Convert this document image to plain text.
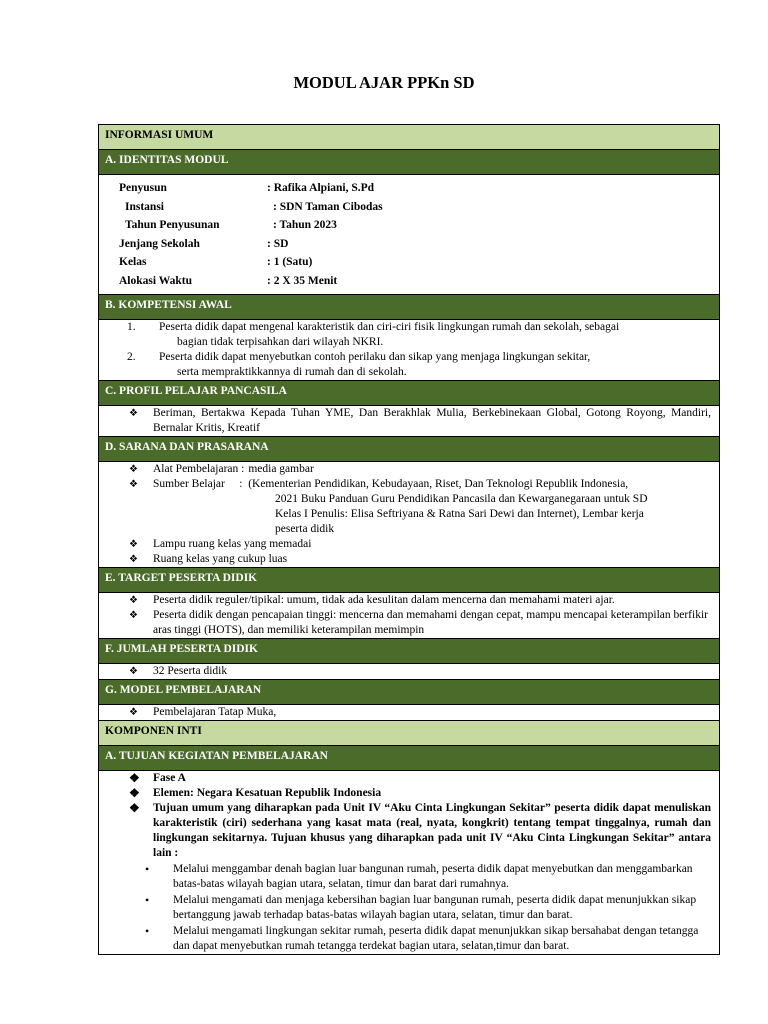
MODUL AJAR PPKn SD
INFORMASI UMUM
A. IDENTITAS MODUL

Penyusun	: Rafika Alpiani, S.Pd
Instansi	: SDN Taman Cibodas
Tahun Penyusunan	: Tahun 2023
Jenjang Sekolah	: SD
Kelas	: 1 (Satu)
Alokasi Waktu	: 2 X 35 Menit

B. KOMPETENSI AWAL

1.	Peserta didik dapat mengenal karakteristik dan ciri-ciri fisik lingkungan rumah dan sekolah, sebagai
bagian tidak terpisahkan dari wilayah NKRI.
2.	Peserta didik dapat menyebutkan contoh perilaku dan sikap yang menjaga lingkungan sekitar,
serta mempraktikkannya di rumah dan di sekolah.

C. PROFIL PELAJAR PANCASILA

❖	Beriman, Bertakwa Kepada Tuhan YME, Dan Berakhlak Mulia, Berkebinekaan Global, Gotong Royong, Mandiri, Bernalar Kritis, Kreatif

D. SARANA DAN PRASARANA

❖	Alat Pembelajaran : media gambar
❖	Sumber Belajar     : (Kementerian Pendidikan, Kebudayaan, Riset, Dan Teknologi Republik Indonesia,
2021 Buku Panduan Guru Pendidikan Pancasila dan Kewarganegaraan untuk SD
Kelas I Penulis: Elisa Seftriyana & Ratna Sari Dewi dan Internet), Lembar kerja
peserta didik
❖	Lampu ruang kelas yang memadai
❖	Ruang kelas yang cukup luas

E. TARGET PESERTA DIDIK

❖	Peserta didik reguler/tipikal: umum, tidak ada kesulitan dalam mencerna dan memahami materi ajar.
❖	Peserta didik dengan pencapaian tinggi: mencerna dan memahami dengan cepat, mampu mencapai keterampilan berfikir aras tinggi (HOTS), dan memiliki keterampilan memimpin

F. JUMLAH PESERTA DIDIK

❖	32 Peserta didik

G. MODEL PEMBELAJARAN

❖	Pembelajaran Tatap Muka,

KOMPONEN INTI
A. TUJUAN KEGIATAN PEMBELAJARAN

❖	Fase A
❖	Elemen: Negara Kesatuan Republik Indonesia
❖	Tujuan umum yang diharapkan pada Unit IV “Aku Cinta Lingkungan Sekitar” peserta didik dapat menuliskan karakteristik (ciri) sederhana yang kasat mata (real, nyata, kongkrit) tentang tempat tinggalnya, rumah dan lingkungan sekitarnya. Tujuan khusus yang diharapkan pada unit IV “Aku Cinta Lingkungan Sekitar” antara lain :
•	Melalui menggambar denah bagian luar bangunan rumah, peserta didik dapat menyebutkan dan menggambarkan batas-batas wilayah bagian utara, selatan, timur dan barat dari rumahnya.
•	Melalui mengamati dan menjaga kebersihan bagian luar bangunan rumah, peserta didik dapat menunjukkan sikap bertanggung jawab terhadap batas-batas wilayah bagian utara, selatan, timur dan barat.
•	Melalui mengamati lingkungan sekitar rumah, peserta didik dapat menunjukkan sikap bersahabat dengan tetangga dan dapat menyebutkan rumah tetangga terdekat bagian utara, selatan,timur dan barat.
